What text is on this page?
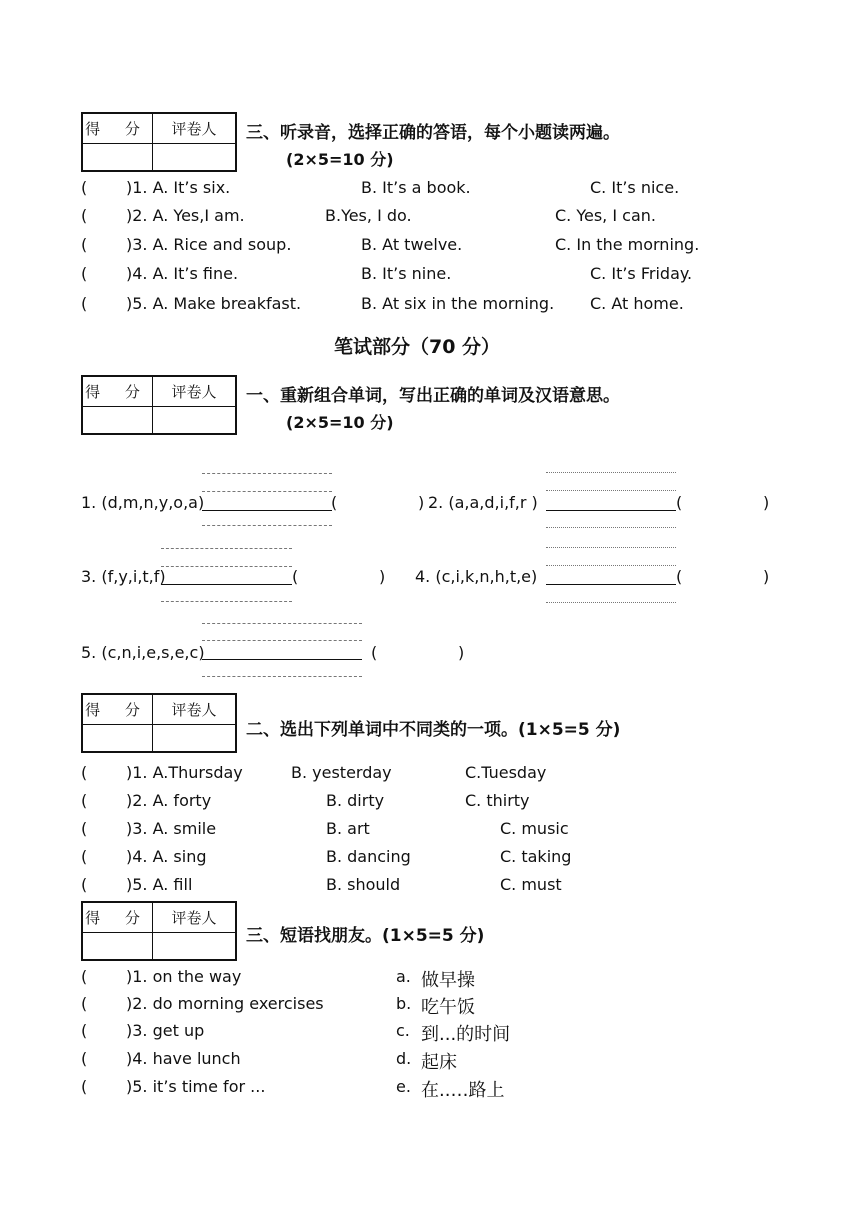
得 分	评卷人	三、听录音，选择正确的答语，每个小题读两遍。
(2×5=10 分)
( )1. A. It’s six.	B. It’s a book.	C. It’s nice.
( )2. A. Yes,I am.	B.Yes, I do.	C. Yes, I can.
( )3. A. Rice and soup.	B. At twelve.	C. In the morning.
( )4. A. It’s fine.	B. It’s nine.	C. It’s Friday.
( )5. A. Make breakfast.	B. At six in the morning. C. At home.
笔试部分（70 分）
得 分	评卷人	一、重新组合单词，写出正确的单词及汉语意思。
(2×5=10 分)
1. (d,m,n,y,o,a)	(	) 2. (a,a,d,i,f,r )	(	)
3. (f,y,i,t,f)	(	) 4. (c,i,k,n,h,t,e)	(	)
5. (c,n,i,e,s,e,c)	(	)
得 分	评卷人
二、选出下列单词中不同类的一项。(1×5=5 分)
( )1. A.Thursday	B. yesterday	C.Tuesday
( )2. A. forty	B. dirty	C. thirty
( )3. A. smile	B. art	C. music
( )4. A. sing	B. dancing	C. taking
( )5. A. fill	B. should	C. must
得 分	评卷人
三、短语找朋友。(1×5=5 分)
( )1. on the way	a. 做早操
( )2. do morning exercises	b. 吃午饭
( )3. get up	c. 到...的时间
( )4. have lunch	d. 起床
( )5. it’s time for ...	e. 在..…路上
